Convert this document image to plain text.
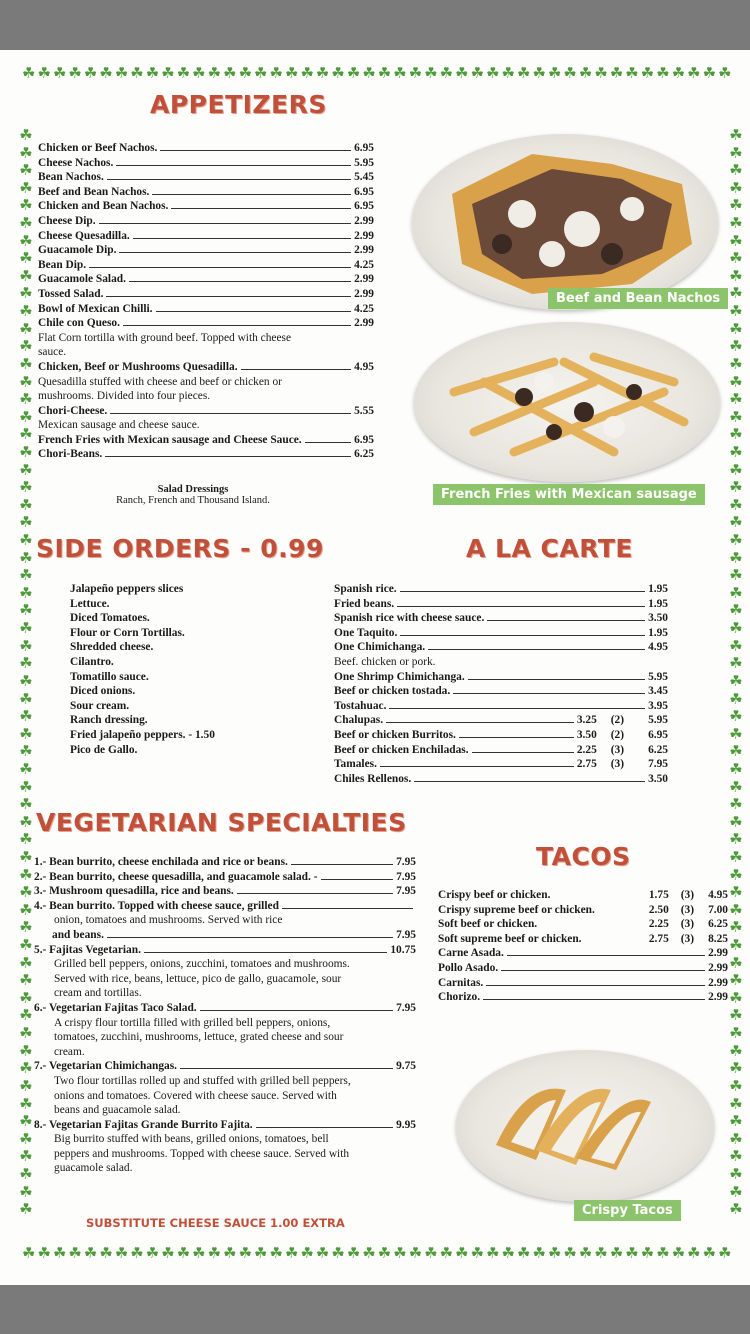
☘ ☘ ☘ ☘ ☘ ☘ ☘ ☘ ☘ ☘ ☘ ☘ ☘ ☘ ☘ ☘ ☘ ☘ ☘ ☘ ☘ ☘ ☘ ☘ ☘ ☘ ☘ ☘ ☘ ☘ ☘ ☘ ☘ ☘ ☘ ☘ ☘ ☘ ☘ ☘ ☘ ☘ ☘ ☘ ☘ ☘
☘ ☘ ☘ ☘ ☘ ☘ ☘ ☘ ☘ ☘ ☘ ☘ ☘ ☘ ☘ ☘ ☘ ☘ ☘ ☘ ☘ ☘ ☘ ☘ ☘ ☘ ☘ ☘ ☘ ☘ ☘ ☘ ☘ ☘ ☘ ☘ ☘ ☘ ☘ ☘ ☘ ☘ ☘ ☘ ☘ ☘
☘
☘
☘
☘
☘
☘
☘
☘
☘
☘
☘
☘
☘
☘
☘
☘
☘
☘
☘
☘
☘
☘
☘
☘
☘
☘
☘
☘
☘
☘
☘
☘
☘
☘
☘
☘
☘
☘
☘
☘
☘
☘
☘
☘
☘
☘
☘
☘
☘
☘
☘
☘
☘
☘
☘
☘
☘
☘
☘
☘
☘
☘
☘
☘
☘
☘
☘
☘
☘
☘
☘
☘
☘
☘
☘
☘
☘
☘
☘
☘
☘
☘
☘
☘
☘
☘
☘
☘
☘
☘
☘
☘
☘
☘
☘
☘
☘
☘
☘
☘
☘
☘
☘
☘
☘
☘
☘
☘
☘
☘
☘
☘
☘
☘
☘
☘
☘
☘
☘
☘
☘
☘
☘
☘
APPETIZERS
Chicken or Beef Nachos.	6.95
Cheese Nachos.	5.95
Bean Nachos.	5.45
Beef and Bean Nachos.	6.95
Chicken and Bean Nachos.	6.95
Cheese Dip.	2.99
Cheese Quesadilla.	2.99
Guacamole Dip.	2.99
Bean Dip.	4.25
Guacamole Salad.	2.99
Tossed Salad.	2.99
Bowl of Mexican Chilli.	4.25
Chile con Queso.	2.99
Flat Corn tortilla with ground beef. Topped with cheese sauce.
Chicken, Beef or Mushrooms Quesadilla.	4.95
Quesadilla stuffed with cheese and beef or chicken or mushrooms. Divided into four pieces.
Chori-Cheese.	5.55
Mexican sausage and cheese sauce.
French Fries with Mexican sausage and Cheese Sauce.	6.95
Chori-Beans.	6.25
Salad Dressings
Ranch, French and Thousand Island.
Beef and Bean Nachos
French Fries with Mexican sausage
SIDE ORDERS - 0.99
Jalapeño peppers slices
Lettuce.
Diced Tomatoes.
Flour or Corn Tortillas.
Shredded cheese.
Cilantro.
Tomatillo sauce.
Diced onions.
Sour cream.
Ranch dressing.
Fried jalapeño peppers. - 1.50
Pico de Gallo.
A LA CARTE
Spanish rice.	1.95
Fried beans.	1.95
Spanish rice with cheese sauce.	3.50
One Taquito.	1.95
One Chimichanga.	4.95
Beef. chicken or pork.
One Shrimp Chimichanga.	5.95
Beef or chicken tostada.	3.45
Tostahuac.	3.95
Chalupas.	3.25 (2) 5.95
Beef or chicken Burritos.	3.50 (2) 6.95
Beef or chicken Enchiladas.	2.25 (3) 6.25
Tamales.	2.75 (3) 7.95
Chiles Rellenos.	3.50
VEGETARIAN SPECIALTIES
1.- Bean burrito, cheese enchilada and rice or beans.	7.95
2.- Bean burrito, cheese quesadilla, and guacamole salad. -	7.95
3.- Mushroom quesadilla, rice and beans.	7.95
4.- Bean burrito. Topped with cheese sauce, grilled
onion, tomatoes and mushrooms. Served with rice
and beans.	7.95
5.- Fajitas Vegetarian.	10.75
Grilled bell peppers, onions, zucchini, tomatoes and mushrooms. Served with rice, beans, lettuce, pico de gallo, guacamole, sour cream and tortillas.
6.- Vegetarian Fajitas Taco Salad.	7.95
A crispy flour tortilla filled with grilled bell peppers, onions, tomatoes, zucchini, mushrooms, lettuce, grated cheese and sour cream.
7.- Vegetarian Chimichangas.	9.75
Two flour tortillas rolled up and stuffed with grilled bell peppers, onions and tomatoes. Covered with cheese sauce. Served with beans and guacamole salad.
8.- Vegetarian Fajitas Grande Burrito Fajita.	9.95
Big burrito stuffed with beans, grilled onions, tomatoes, bell peppers and mushrooms. Topped with cheese sauce. Served with guacamole salad.
SUBSTITUTE CHEESE SAUCE 1.00 EXTRA
TACOS
Crispy beef or chicken.	1.75 (3) 4.95
Crispy supreme beef or chicken.	2.50 (3) 7.00
Soft beef or chicken.	2.25 (3) 6.25
Soft supreme beef or chicken.	2.75 (3) 8.25
Carne Asada.	2.99
Pollo Asado.	2.99
Carnitas.	2.99
Chorizo.	2.99
Crispy Tacos
